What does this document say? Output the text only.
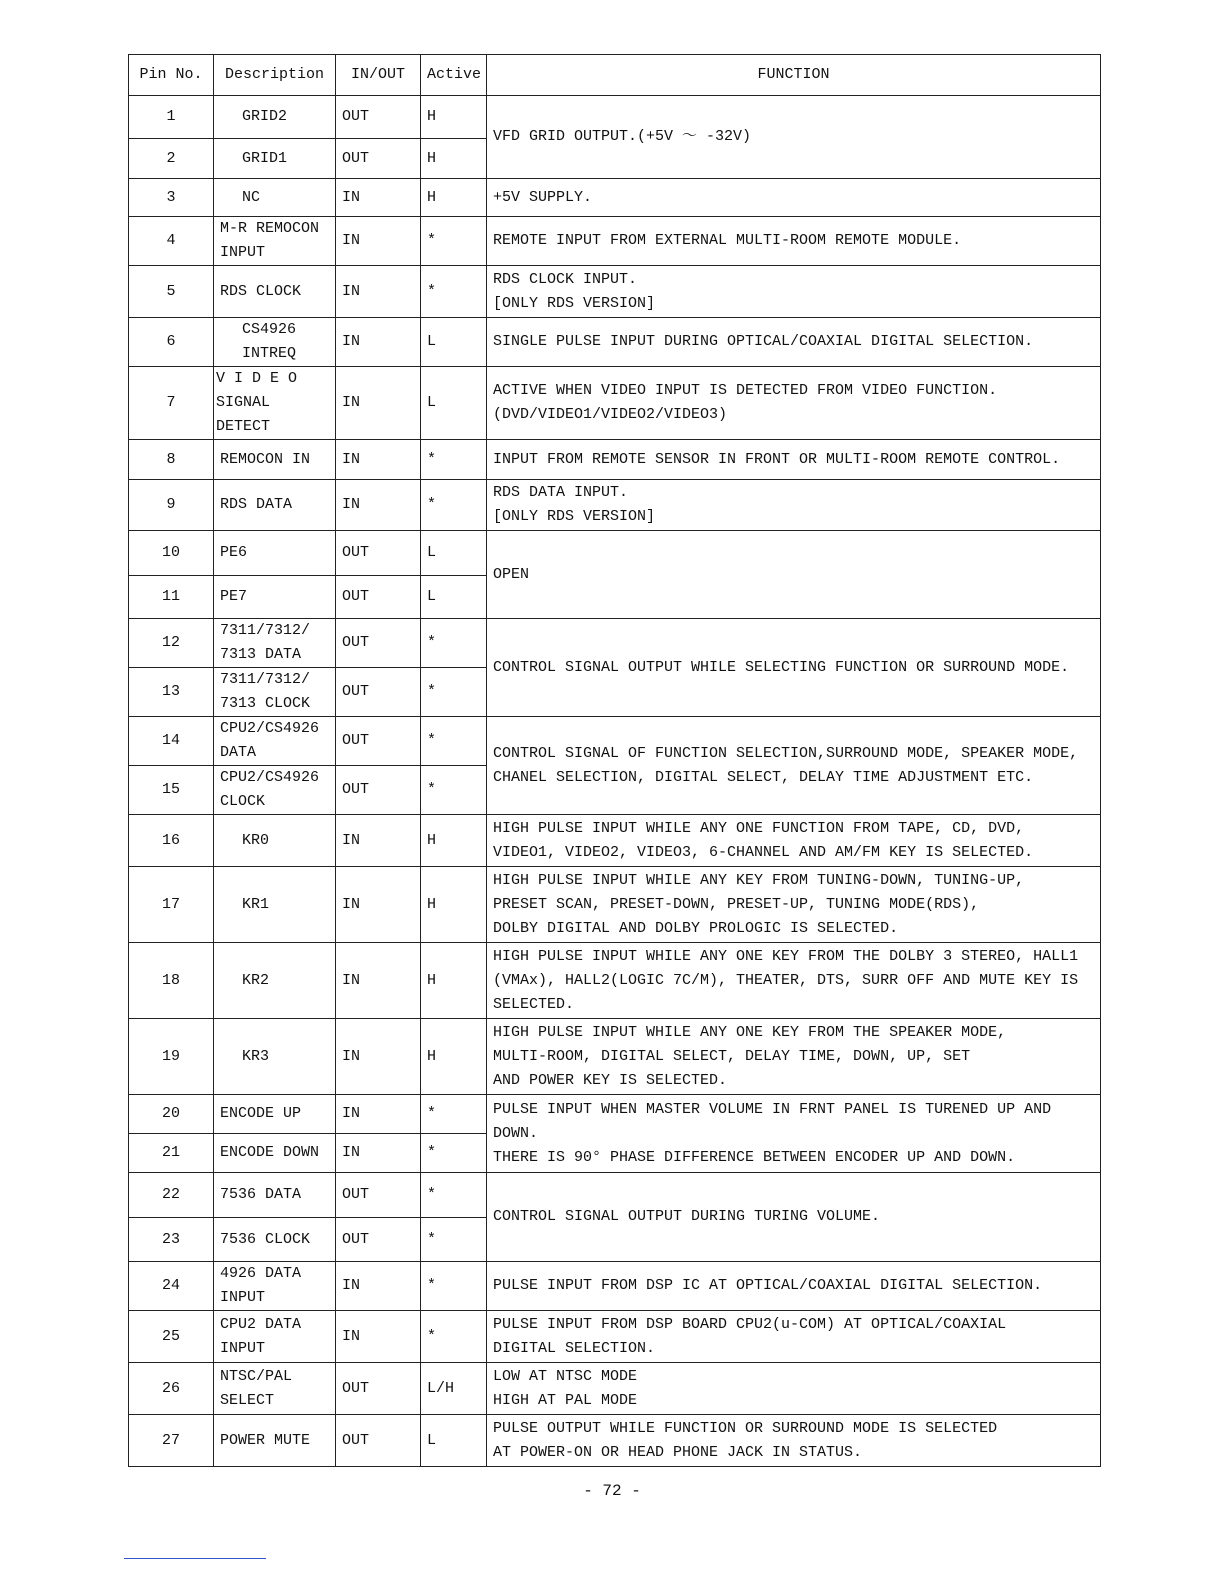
Pin No.	Description	IN/OUT	Active	FUNCTION
1	GRID2	OUT	H	VFD GRID OUTPUT.(+5V ～ -32V)
2	GRID1	OUT	H	
3	NC	IN	H	+5V SUPPLY.
4	M-R REMOCON
INPUT	IN	*	REMOTE INPUT FROM EXTERNAL MULTI-ROOM REMOTE MODULE.
5	RDS CLOCK	IN	*	RDS CLOCK INPUT.
[ONLY RDS VERSION]
6	CS4926
INTREQ	IN	L	SINGLE PULSE INPUT DURING OPTICAL/COAXIAL DIGITAL SELECTION.
7	V I D E O
SIGNAL
DETECT	IN	L	ACTIVE WHEN VIDEO INPUT IS DETECTED FROM VIDEO FUNCTION.
(DVD/VIDEO1/VIDEO2/VIDEO3)
8	REMOCON IN	IN	*	INPUT FROM REMOTE SENSOR IN FRONT OR MULTI-ROOM REMOTE CONTROL.
9	RDS DATA	IN	*	RDS DATA INPUT.
[ONLY RDS VERSION]
10	PE6	OUT	L	OPEN
11	PE7	OUT	L	
12	7311/7312/
7313 DATA	OUT	*	CONTROL SIGNAL OUTPUT WHILE SELECTING FUNCTION OR SURROUND MODE.
13	7311/7312/
7313 CLOCK	OUT	*	
14	CPU2/CS4926
DATA	OUT	*	CONTROL SIGNAL OF FUNCTION SELECTION,SURROUND MODE, SPEAKER MODE,
CHANEL SELECTION, DIGITAL SELECT, DELAY TIME ADJUSTMENT ETC.
15	CPU2/CS4926
CLOCK	OUT	*	
16	KR0	IN	H	HIGH PULSE INPUT WHILE ANY ONE FUNCTION FROM TAPE, CD, DVD,
VIDEO1, VIDEO2, VIDEO3, 6-CHANNEL AND AM/FM KEY IS SELECTED.
17	KR1	IN	H	HIGH PULSE INPUT WHILE ANY KEY FROM TUNING-DOWN, TUNING-UP,
PRESET SCAN, PRESET-DOWN, PRESET-UP, TUNING MODE(RDS),
DOLBY DIGITAL AND DOLBY PROLOGIC IS SELECTED.
18	KR2	IN	H	HIGH PULSE INPUT WHILE ANY ONE KEY FROM THE DOLBY 3 STEREO, HALL1
(VMAx), HALL2(LOGIC 7C/M), THEATER, DTS, SURR OFF AND MUTE KEY IS
SELECTED.
19	KR3	IN	H	HIGH PULSE INPUT WHILE ANY ONE KEY FROM THE SPEAKER MODE,
MULTI-ROOM, DIGITAL SELECT, DELAY TIME, DOWN, UP, SET
AND POWER KEY IS SELECTED.
20	ENCODE UP	IN	*	PULSE INPUT WHEN MASTER VOLUME IN FRNT PANEL IS TURENED UP AND
DOWN.
THERE IS 90° PHASE DIFFERENCE BETWEEN ENCODER UP AND DOWN.
21	ENCODE DOWN	IN	*	
22	7536 DATA	OUT	*	CONTROL SIGNAL OUTPUT DURING TURING VOLUME.
23	7536 CLOCK	OUT	*	
24	4926 DATA
INPUT	IN	*	PULSE INPUT FROM DSP IC AT OPTICAL/COAXIAL DIGITAL SELECTION.
25	CPU2 DATA
INPUT	IN	*	PULSE INPUT FROM DSP BOARD CPU2(u-COM) AT OPTICAL/COAXIAL
DIGITAL SELECTION.
26	NTSC/PAL
SELECT	OUT	L/H	LOW AT NTSC MODE
HIGH AT PAL MODE
27	POWER MUTE	OUT	L	PULSE OUTPUT WHILE FUNCTION OR SURROUND MODE IS SELECTED
AT POWER-ON OR HEAD PHONE JACK IN STATUS.
- 72 -
